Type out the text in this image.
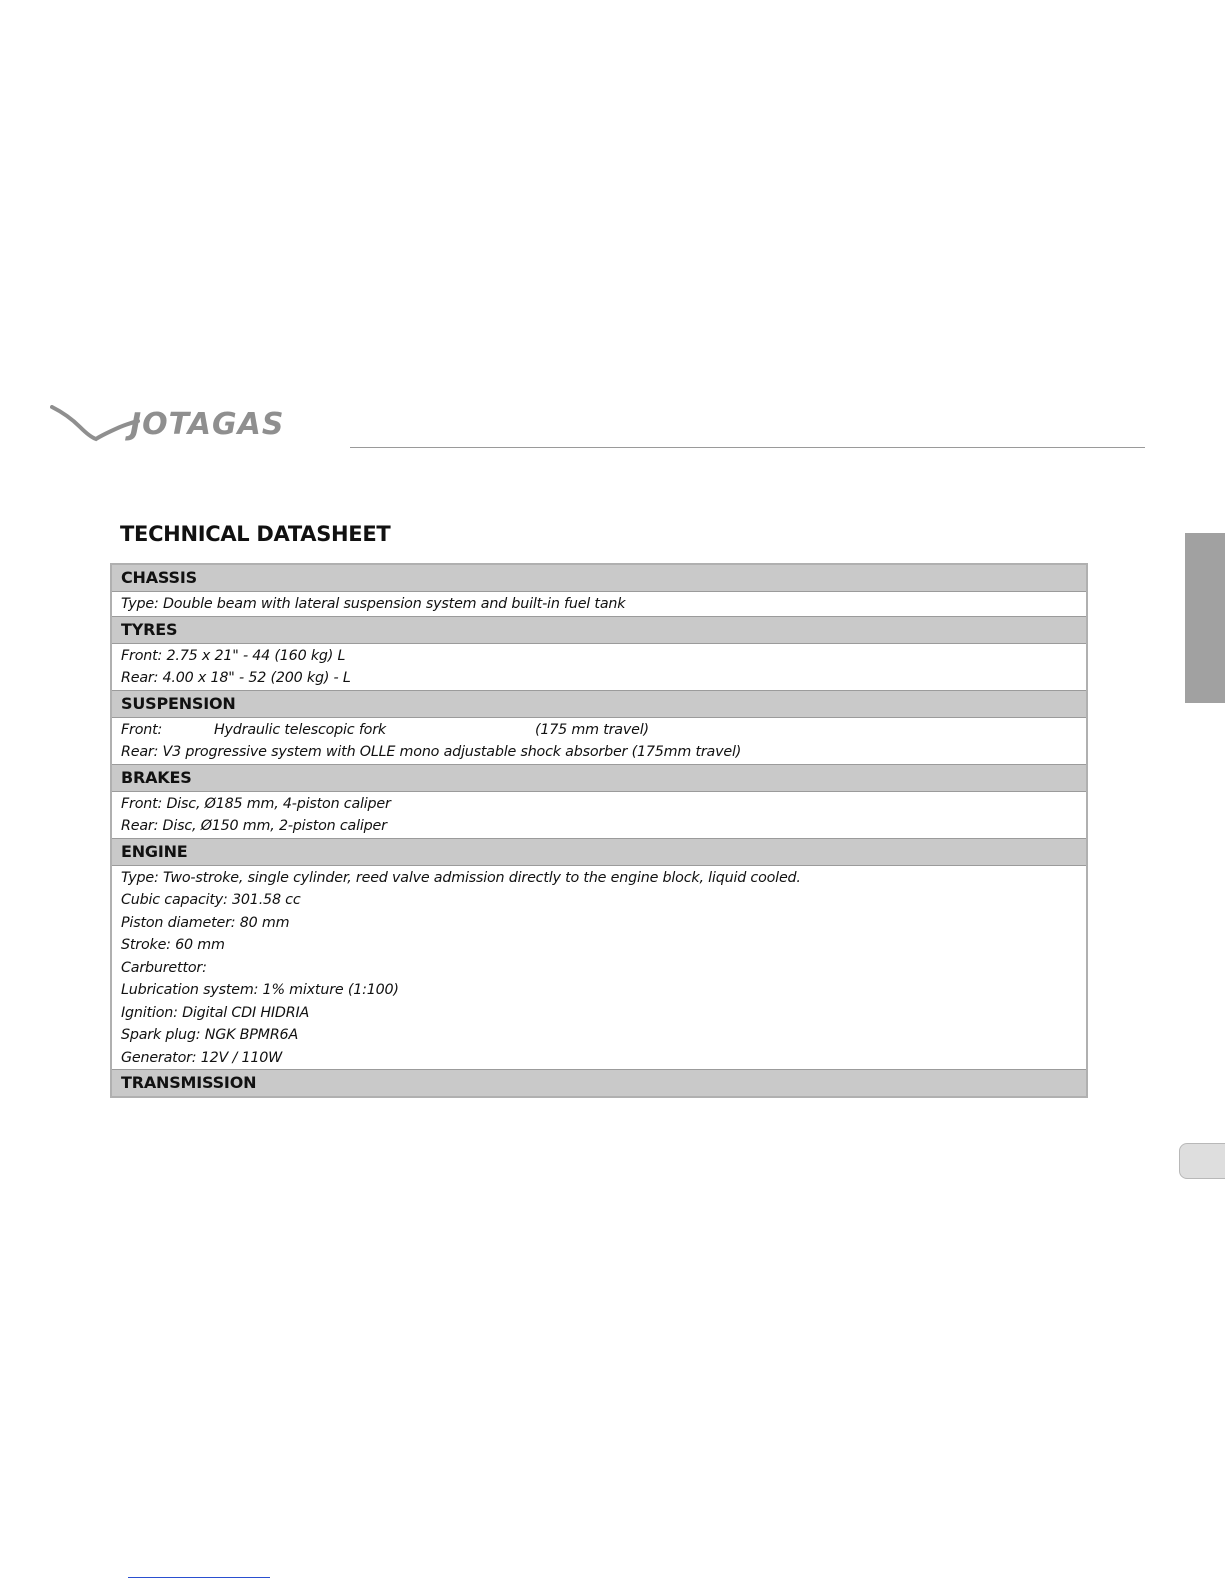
JOTAGAS
TECHNICAL DATASHEET
CHASSIS
Type: Double beam with lateral suspension system and built-in fuel tank
TYRES
Front: 2.75 x 21" - 44 (160 kg) L
Rear: 4.00 x 18" - 52 (200 kg) - L
SUSPENSION
Front:	Hydraulic telescopic fork	(175 mm travel)
Rear: V3 progressive system with OLLE mono adjustable shock absorber (175mm travel)
BRAKES
Front: Disc, Ø185 mm, 4-piston caliper
Rear: Disc, Ø150 mm, 2-piston caliper
ENGINE
Type: Two-stroke, single cylinder, reed valve admission directly to the engine block, liquid cooled.
Cubic capacity: 301.58 cc
Piston diameter: 80 mm
Stroke: 60 mm
Carburettor:
Lubrication system: 1% mixture (1:100)
Ignition: Digital CDI HIDRIA
Spark plug: NGK BPMR6A
Generator: 12V / 110W
TRANSMISSION
